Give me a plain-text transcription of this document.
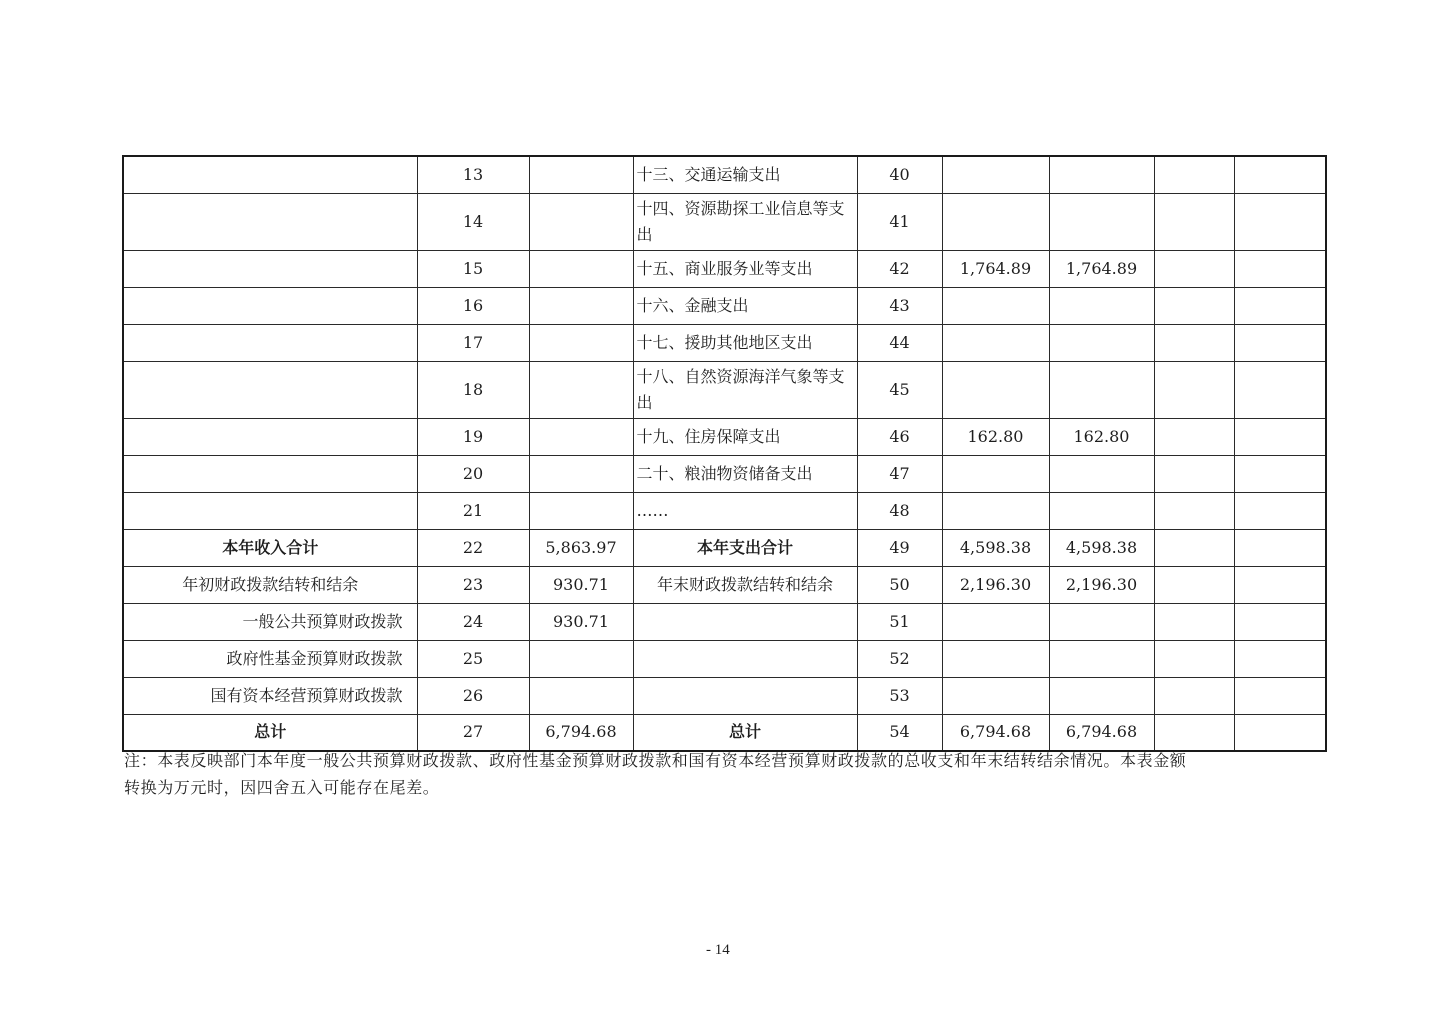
	13		十三、交通运输支出	40				
	14		十四、资源勘探工业信息等支出	41				
	15		十五、商业服务业等支出	42	1,764.89	1,764.89		
	16		十六、金融支出	43				
	17		十七、援助其他地区支出	44				
	18		十八、自然资源海洋气象等支出	45				
	19		十九、住房保障支出	46	162.80	162.80		
	20		二十、粮油物资储备支出	47				
	21		……	48				
本年收入合计	22	5,863.97	本年支出合计	49	4,598.38	4,598.38		
年初财政拨款结转和结余	23	930.71	年末财政拨款结转和结余	50	2,196.30	2,196.30		
一般公共预算财政拨款	24	930.71		51				
政府性基金预算财政拨款	25			52				
国有资本经营预算财政拨款	26			53				
总计	27	6,794.68	总计	54	6,794.68	6,794.68		
注：本表反映部门本年度一般公共预算财政拨款、政府性基金预算财政拨款和国有资本经营预算财政拨款的总收支和年末结转结余情况。本表金额
转换为万元时，因四舍五入可能存在尾差。
- 14
